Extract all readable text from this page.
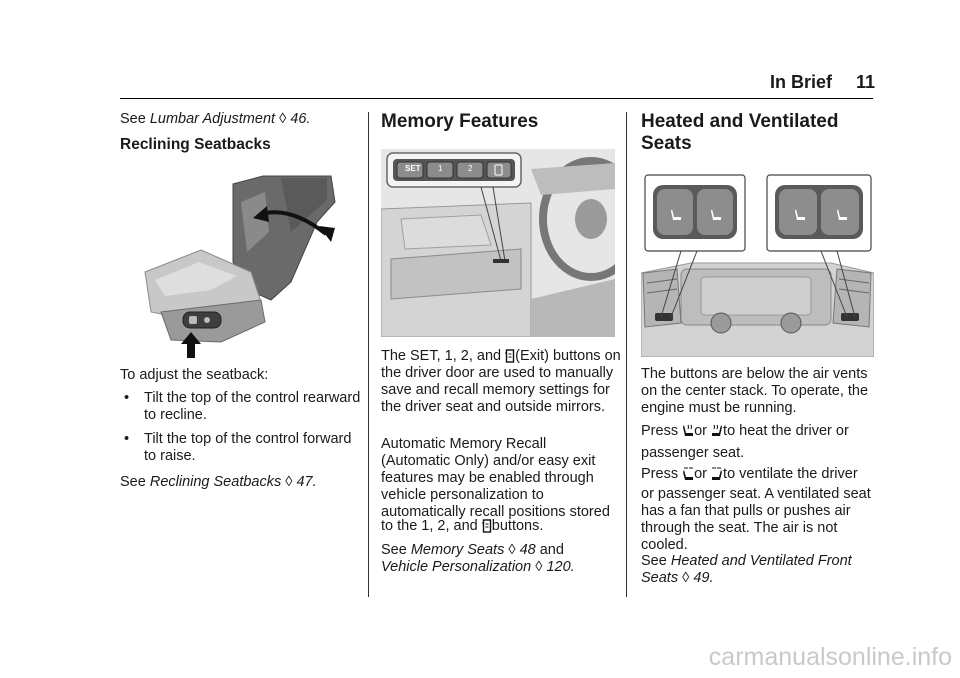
In Brief 11
See Lumbar Adjustment ◊ 46.
Reclining Seatbacks
To adjust the seatback:
• Tilt the top of the control rearward to recline.
• Tilt the top of the control forward to raise.
See Reclining Seatbacks ◊ 47.
Memory Features
SET 1	2
The SET, 1, 2, and (Exit) buttons on the driver door are used to manually save and recall memory settings for the driver seat and outside mirrors.
Automatic Memory Recall (Automatic Only) and/or easy exit features may be enabled through vehicle personalization to automatically recall positions stored
to the 1, 2, and buttons.
See Memory Seats ◊ 48 and
Vehicle Personalization ◊ 120.
Heated and Ventilated
Seats
The buttons are below the air vents on the center stack. To operate, the engine must be running.
Press or to heat the driver or
passenger seat.
Press or to ventilate the driver
or passenger seat. A ventilated seat has a fan that pulls or pushes air through the seat. The air is not cooled.
See Heated and Ventilated Front
Seats ◊ 49.
carmanualsonline.info
